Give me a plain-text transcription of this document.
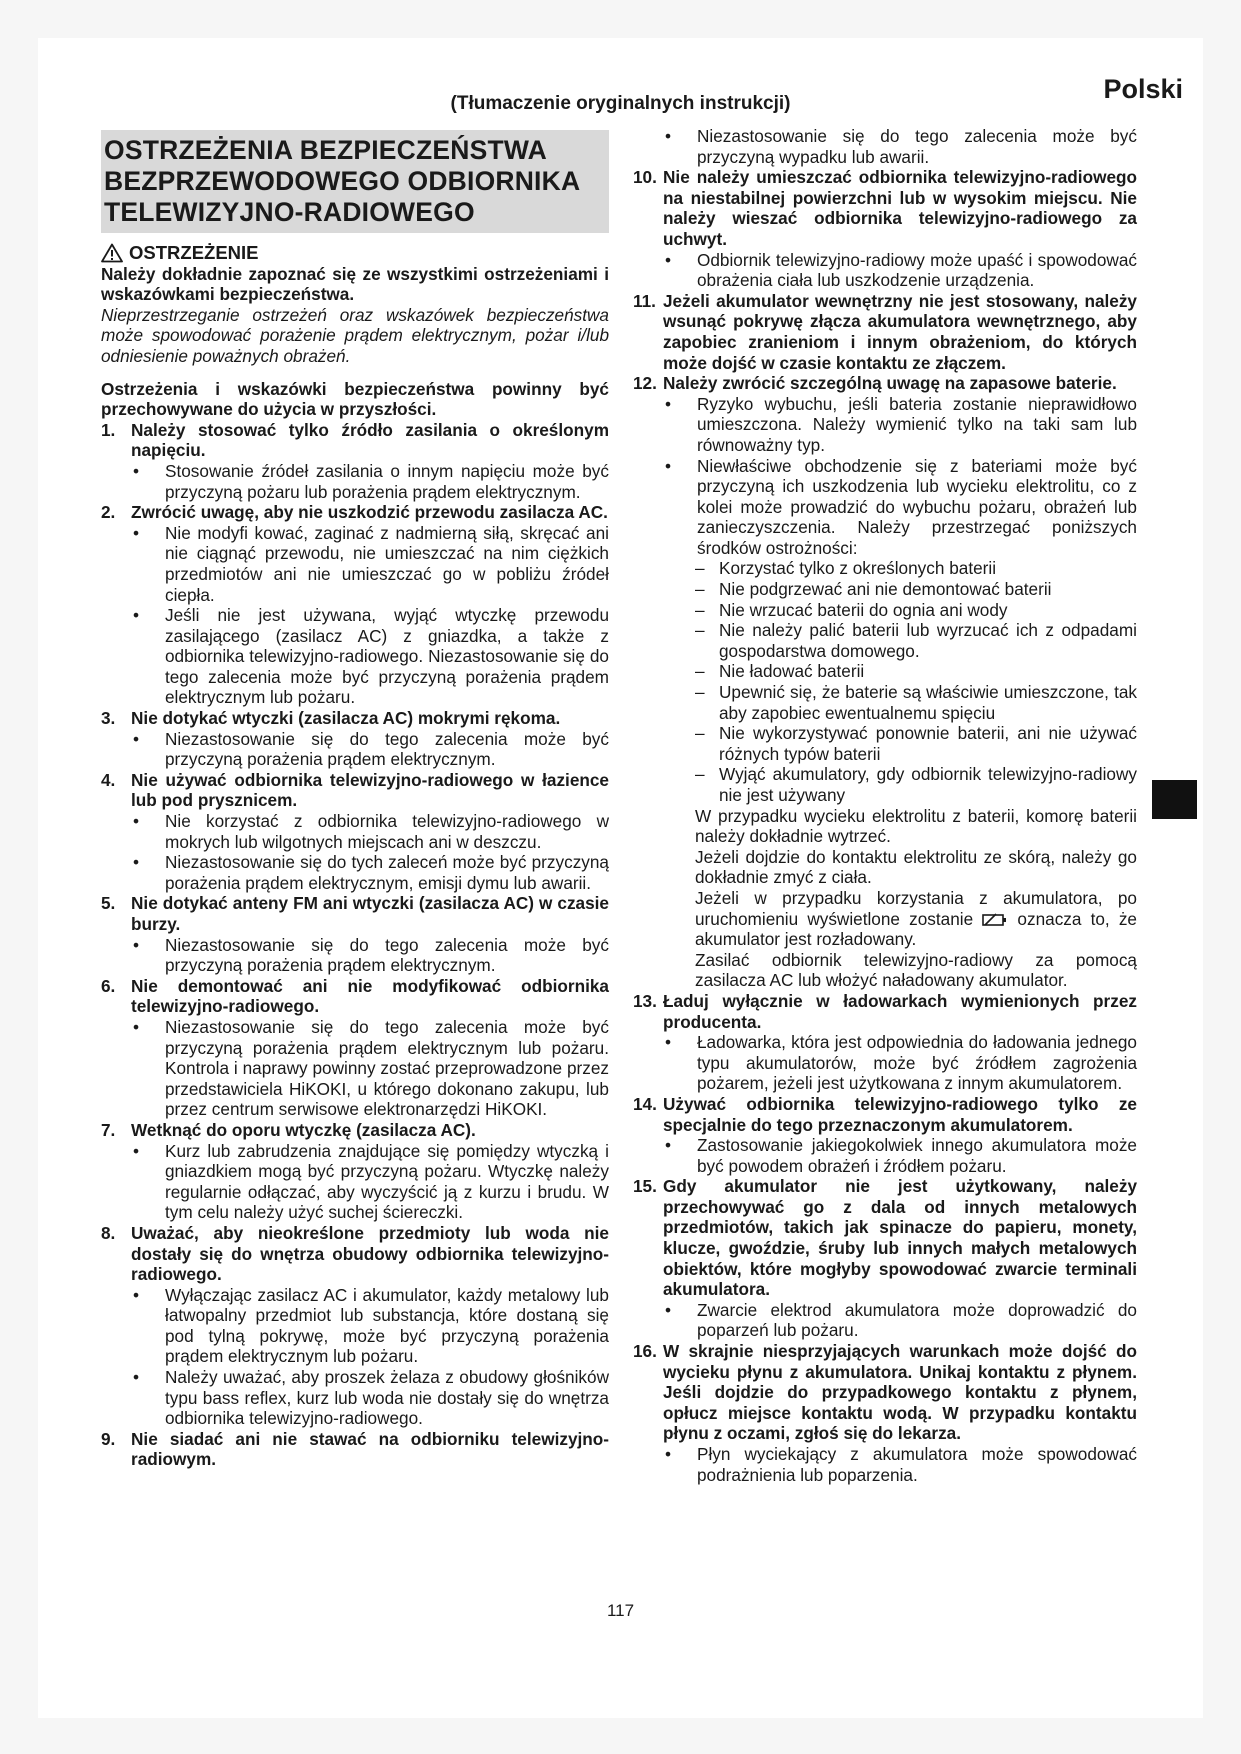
Polski
(Tłumaczenie oryginalnych instrukcji)
OSTRZEŻENIA BEZPIECZEŃSTWA
BEZPRZEWODOWEGO ODBIORNIKA
TELEWIZYJNO-RADIOWEGO
OSTRZEŻENIE

Należy dokładnie zapoznać się ze wszystkimi ostrzeżeniami i wskazówkami bezpieczeństwa.

Nieprzestrzeganie ostrzeżeń oraz wskazówek bezpieczeństwa może spowodować porażenie prądem elektrycznym, pożar i/lub odniesienie poważnych obrażeń.

Ostrzeżenia i wskazówki bezpieczeństwa powinny być przechowywane do użycia w przyszłości.

1. Należy stosować tylko źródło zasilania o określonym napięciu.
•	Stosowanie źródeł zasilania o innym napięciu może być przyczyną pożaru lub porażenia prądem elektrycznym.
2. Zwrócić uwagę, aby nie uszkodzić przewodu zasilacza AC.
•	Nie modyfi kować, zaginać z nadmierną siłą, skręcać ani nie ciągnąć przewodu, nie umieszczać na nim ciężkich przedmiotów ani nie umieszczać go w pobliżu źródeł ciepła.
•	Jeśli nie jest używana, wyjąć wtyczkę przewodu zasilającego (zasilacz AC) z gniazdka, a także z odbiornika telewizyjno-radiowego. Niezastosowanie się do tego zalecenia może być przyczyną porażenia prądem elektrycznym lub pożaru.
3. Nie dotykać wtyczki (zasilacza AC) mokrymi rękoma.
•	Niezastosowanie się do tego zalecenia może być przyczyną porażenia prądem elektrycznym.
4. Nie używać odbiornika telewizyjno-radiowego w łazience lub pod prysznicem.
•	Nie korzystać z odbiornika telewizyjno-radiowego w mokrych lub wilgotnych miejscach ani w deszczu.
•	Niezastosowanie się do tych zaleceń może być przyczyną porażenia prądem elektrycznym, emisji dymu lub awarii.
5. Nie dotykać anteny FM ani wtyczki (zasilacza AC) w czasie burzy.
•	Niezastosowanie się do tego zalecenia może być przyczyną porażenia prądem elektrycznym.
6. Nie demontować ani nie modyfikować odbiornika telewizyjno-radiowego.
•	Niezastosowanie się do tego zalecenia może być przyczyną porażenia prądem elektrycznym lub pożaru. Kontrola i naprawy powinny zostać przeprowadzone przez przedstawiciela HiKOKI, u którego dokonano zakupu, lub przez centrum serwisowe elektronarzędzi HiKOKI.
7. Wetknąć do oporu wtyczkę (zasilacza AC).
•	Kurz lub zabrudzenia znajdujące się pomiędzy wtyczką i gniazdkiem mogą być przyczyną pożaru. Wtyczkę należy regularnie odłączać, aby wyczyścić ją z kurzu i brudu. W tym celu należy użyć suchej ściereczki.
8. Uważać, aby nieokreślone przedmioty lub woda nie dostały się do wnętrza obudowy odbiornika telewizyjno-radiowego.
•	Wyłączając zasilacz AC i akumulator, każdy metalowy lub łatwopalny przedmiot lub substancja, które dostaną się pod tylną pokrywę, może być przyczyną porażenia prądem elektrycznym lub pożaru.
•	Należy uważać, aby proszek żelaza z obudowy głośników typu bass reflex, kurz lub woda nie dostały się do wnętrza odbiornika telewizyjno-radiowego.
9. Nie siadać ani nie stawać na odbiorniku telewizyjno-radiowym.
•	Niezastosowanie się do tego zalecenia może być przyczyną wypadku lub awarii.
10. Nie należy umieszczać odbiornika telewizyjno-radiowego na niestabilnej powierzchni lub w wysokim miejscu. Nie należy wieszać odbiornika telewizyjno-radiowego za uchwyt.
•	Odbiornik telewizyjno-radiowy może upaść i spowodować obrażenia ciała lub uszkodzenie urządzenia.
11. Jeżeli akumulator wewnętrzny nie jest stosowany, należy wsunąć pokrywę złącza akumulatora wewnętrznego, aby zapobiec zranieniom i innym obrażeniom, do których może dojść w czasie kontaktu ze złączem.
12. Należy zwrócić szczególną uwagę na zapasowe baterie.
•	Ryzyko wybuchu, jeśli bateria zostanie nieprawidłowo umieszczona. Należy wymienić tylko na taki sam lub równoważny typ.
•	Niewłaściwe obchodzenie się z bateriami może być przyczyną ich uszkodzenia lub wycieku elektrolitu, co z kolei może prowadzić do wybuchu pożaru, obrażeń lub zanieczyszczenia. Należy przestrzegać poniższych środków ostrożności:
– Korzystać tylko z określonych baterii
– Nie podgrzewać ani nie demontować baterii
– Nie wrzucać baterii do ognia ani wody
– Nie należy palić baterii lub wyrzucać ich z odpadami gospodarstwa domowego.
– Nie ładować baterii
– Upewnić się, że baterie są właściwie umieszczone, tak aby zapobiec ewentualnemu spięciu
– Nie wykorzystywać ponownie baterii, ani nie używać różnych typów baterii
– Wyjąć akumulatory, gdy odbiornik telewizyjno-radiowy nie jest używany
W przypadku wycieku elektrolitu z baterii, komorę baterii należy dokładnie wytrzeć.
Jeżeli dojdzie do kontaktu elektrolitu ze skórą, należy go dokładnie zmyć z ciała.
Jeżeli w przypadku korzystania z akumulatora, po uruchomieniu wyświetlone zostanie	oznacza to, że akumulator jest rozładowany.
Zasilać odbiornik telewizyjno-radiowy za pomocą zasilacza AC lub włożyć naładowany akumulator.
13. Ładuj wyłącznie w ładowarkach wymienionych przez producenta.
•	Ładowarka, która jest odpowiednia do ładowania jednego typu akumulatorów, może być źródłem zagrożenia pożarem, jeżeli jest użytkowana z innym akumulatorem.
14. Używać odbiornika telewizyjno-radiowego tylko ze specjalnie do tego przeznaczonym akumulatorem.
•	Zastosowanie jakiegokolwiek innego akumulatora może być powodem obrażeń i źródłem pożaru.
15. Gdy akumulator nie jest użytkowany, należy przechowywać go z dala od innych metalowych przedmiotów, takich jak spinacze do papieru, monety, klucze, gwoździe, śruby lub innych małych metalowych obiektów, które mogłyby spowodować zwarcie terminali akumulatora.
•	Zwarcie elektrod akumulatora może doprowadzić do poparzeń lub pożaru.
16. W skrajnie niesprzyjających warunkach może dojść do wycieku płynu z akumulatora. Unikaj kontaktu z płynem. Jeśli dojdzie do przypadkowego kontaktu z płynem, opłucz miejsce kontaktu wodą. W przypadku kontaktu płynu z oczami, zgłoś się do lekarza.
•	Płyn wyciekający z akumulatora może spowodować podrażnienia lub poparzenia.
117
